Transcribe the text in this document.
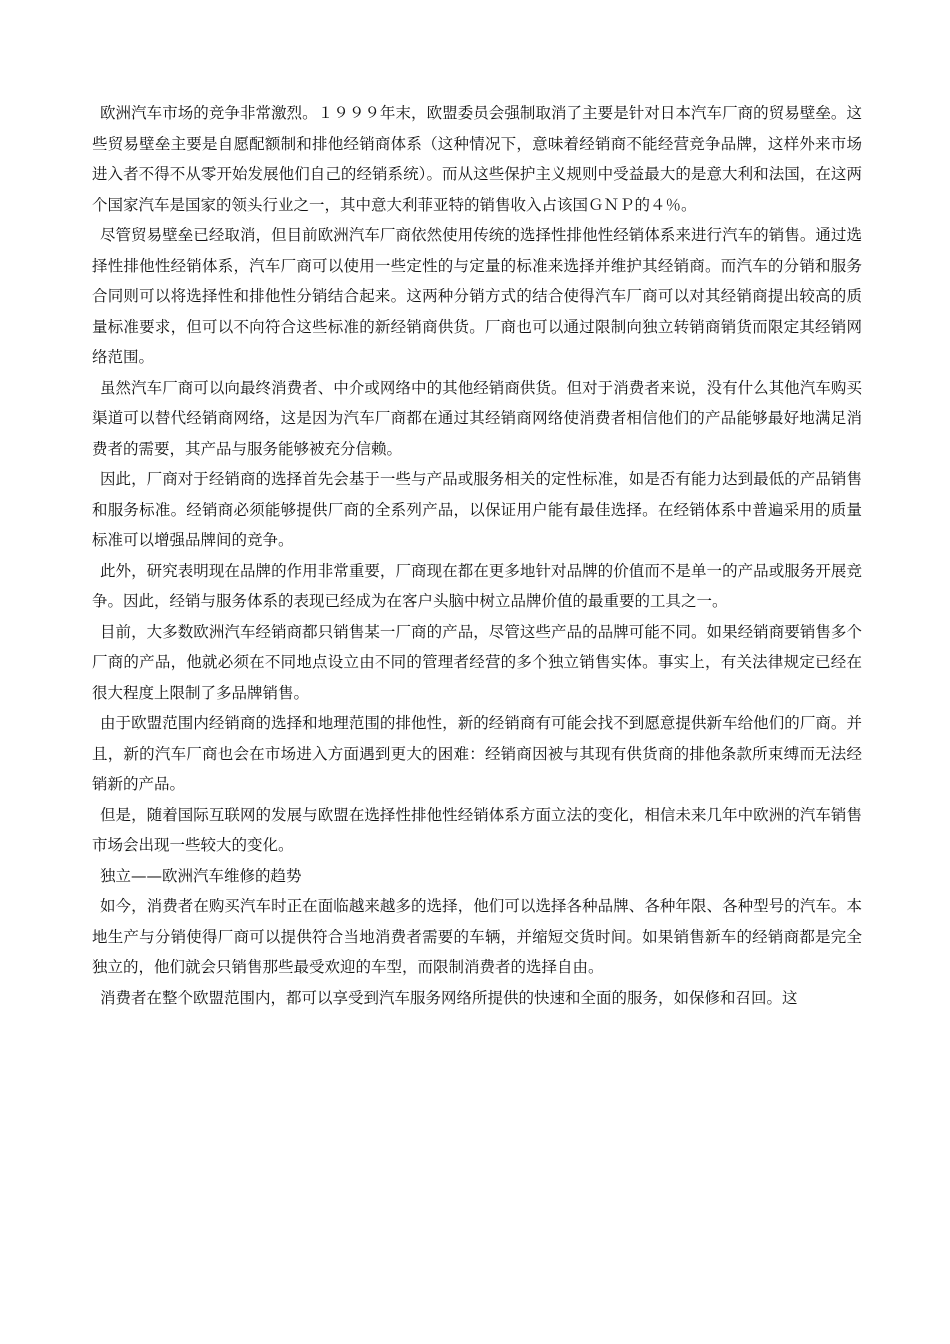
欧洲汽车市场的竞争非常激烈。１９９９年末，欧盟委员会强制取消了主要是针对日本汽车厂商的贸易壁垒。这些贸易壁垒主要是自愿配额制和排他经销商体系（这种情况下，意味着经销商不能经营竞争品牌，这样外来市场进入者不得不从零开始发展他们自己的经销系统）。而从这些保护主义规则中受益最大的是意大利和法国，在这两个国家汽车是国家的领头行业之一，其中意大利菲亚特的销售收入占该国ＧＮＰ的４％。

尽管贸易壁垒已经取消，但目前欧洲汽车厂商依然使用传统的选择性排他性经销体系来进行汽车的销售。通过选择性排他性经销体系，汽车厂商可以使用一些定性的与定量的标准来选择并维护其经销商。而汽车的分销和服务合同则可以将选择性和排他性分销结合起来。这两种分销方式的结合使得汽车厂商可以对其经销商提出较高的质量标准要求，但可以不向符合这些标准的新经销商供货。厂商也可以通过限制向独立转销商销货而限定其经销网络范围。

虽然汽车厂商可以向最终消费者、中介或网络中的其他经销商供货。但对于消费者来说，没有什么其他汽车购买渠道可以替代经销商网络，这是因为汽车厂商都在通过其经销商网络使消费者相信他们的产品能够最好地满足消费者的需要，其产品与服务能够被充分信赖。

因此，厂商对于经销商的选择首先会基于一些与产品或服务相关的定性标准，如是否有能力达到最低的产品销售和服务标准。经销商必须能够提供厂商的全系列产品，以保证用户能有最佳选择。在经销体系中普遍采用的质量标准可以增强品牌间的竞争。

此外，研究表明现在品牌的作用非常重要，厂商现在都在更多地针对品牌的价值而不是单一的产品或服务开展竞争。因此，经销与服务体系的表现已经成为在客户头脑中树立品牌价值的最重要的工具之一。

目前，大多数欧洲汽车经销商都只销售某一厂商的产品，尽管这些产品的品牌可能不同。如果经销商要销售多个厂商的产品，他就必须在不同地点设立由不同的管理者经营的多个独立销售实体。事实上，有关法律规定已经在很大程度上限制了多品牌销售。

由于欧盟范围内经销商的选择和地理范围的排他性，新的经销商有可能会找不到愿意提供新车给他们的厂商。并且，新的汽车厂商也会在市场进入方面遇到更大的困难：经销商因被与其现有供货商的排他条款所束缚而无法经销新的产品。

但是，随着国际互联网的发展与欧盟在选择性排他性经销体系方面立法的变化，相信未来几年中欧洲的汽车销售市场会出现一些较大的变化。

独立——欧洲汽车维修的趋势

如今，消费者在购买汽车时正在面临越来越多的选择，他们可以选择各种品牌、各种年限、各种型号的汽车。本地生产与分销使得厂商可以提供符合当地消费者需要的车辆，并缩短交货时间。如果销售新车的经销商都是完全独立的，他们就会只销售那些最受欢迎的车型，而限制消费者的选择自由。

消费者在整个欧盟范围内，都可以享受到汽车服务网络所提供的快速和全面的服务，如保修和召回。这
